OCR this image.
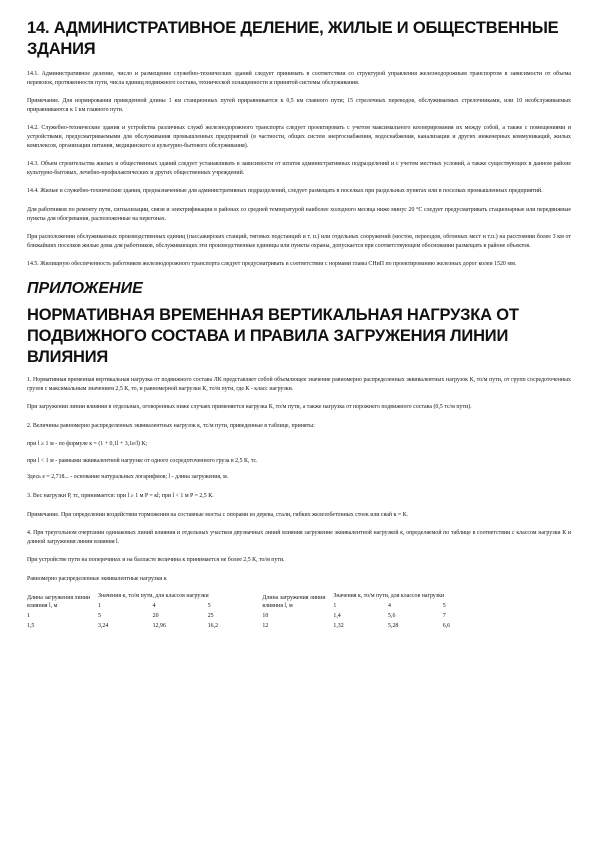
14. АДМИНИСТРАТИВНОЕ ДЕЛЕНИЕ, ЖИЛЫЕ И ОБЩЕСТВЕННЫЕ ЗДАНИЯ

14.1. Административное деление, число и размещение служебно-технических зданий следует принимать в соответствии со структурой управления железнодорожным транспортом в зависимости от объема перевозок, протяженности пути, числа единиц подвижного состава, технической оснащенности и принятой системы обслуживания.

Примечание. Для нормирования приведенной длины 1 км станционных путей приравнивается к 0,5 км главного пути; 15 стрелочных переводов, обслуживаемых стрелочниками, или 10 необслуживаемых приравниваются к 1 км главного пути.

14.2. Служебно-технические здания и устройства различных служб железнодорожного транспорта следует проектировать с учетом максимального кооперирования их между собой, а также с помещениями и устройствами, предусматриваемыми для обслуживания промышленных предприятий (в частности, общих систем энергоснабжения, водоснабжения, канализации и других инженерных коммуникаций, жилых комплексов, организации питания, медицинского и культурно-бытового обслуживания).

14.3. Объем строительства жилых и общественных зданий следует устанавливать в зависимости от штатов административных подразделений и с учетом местных условий, а также существующих в данном районе культурно-бытовых, лечебно-профилактических и других общественных учреждений.

14.4. Жилые и служебно-технические здания, предназначенные для административных подразделений, следует размещать в поселках при раздельных пунктах или в поселках промышленных предприятий.

Для работников по ремонту пути, сигнализации, связи и электрификации в районах со средней температурой наиболее холодного месяца ниже минус 20 °С следует предусматривать стационарные или передвижные пункты для обогревания, расположенные на перегонах.

При расположении обслуживаемых производственных единиц (пассажирских станций, тяговых подстанций и т. п.) или отдельных сооружений (мостов, переездов, обгонных мест и т.п.) на расстоянии более 3 км от ближайших поселков жилые дома для работников, обслуживающих эти производственные единицы или пункты охраны, допускается при соответствующем обосновании размещать в районе объектов.

14.5. Жилищную обеспеченность работников железнодорожного транспорта следует предусматривать в соответствии с нормами главы СНиП по проектированию железных дорог колеи 1520 мм.

ПРИЛОЖЕНИЕ
НОРМАТИВНАЯ ВРЕМЕННАЯ ВЕРТИКАЛЬНАЯ НАГРУЗКА ОТ ПОДВИЖНОГО СОСТАВА И ПРАВИЛА ЗАГРУЖЕНИЯ ЛИНИИ ВЛИЯНИЯ

1. Нормативная временная вертикальная нагрузка от подвижного состава ЛК представляет собой объемлющее значение равномерно распределенных эквивалентных нагрузок К, то/м пути, от групп сосредоточенных грузов с максимальным значением 2,5 К, то, и равномерной нагрузки К, то/м пути, где К - класс нагрузки.

При загружении линии влияния в отдельных, оговоренных ниже случаях применяется нагрузка К, то/м пути, а также нагрузка от порожнего подвижного состава (0,5 тс/м пути).

2. Величины равномерно распределенных эквивалентных нагрузок к, тс/м пути, приведенные в таблице, приняты:

при l ≥ 1 м - по формуле к = (1 + 0,1l + 3,1e/l) К;

при l < 1 м - равными эквивалентной нагрузке от одного сосредоточенного груза в 2,5 К, тс.

Здесь e = 2,718... - основание натуральных логарифмов; l - длина загружения, м.

3. Вес нагрузки Р, тс, принимается: при l ≥ 1 м P = кl; при l < 1 м P = 2,5 К.

Примечание. При определении воздействия торможения на составные мосты с опорами из дерева, стали, гибких железобетонных стоек или свай к = К.

4. При треугольном очертании одинаковых линий влияния и отдельных участков двузначных линий влияния загружение эквивалентной нагрузкой к, определяемой по таблице в соответствии с классом нагрузки К и длиной загружения линии влияния l.

При устройстве пути на поперечинах и на балласте величина к принимается не более 2,5 К, то/м пути.

Равномерно распределенные эквивалентные нагрузки к

Длина загружения линии влияния l, м	Значения к, то/м пути, для классов нагрузки			Длина загружения линии влияния l, м	Значения к, то/м пути, для классов нагрузки		
	1	4	5		1	4	5
1	5	20	25	10	1,4	5,6	7
1,5	3,24	12,96	16,2	12	1,32	5,28	6,6
